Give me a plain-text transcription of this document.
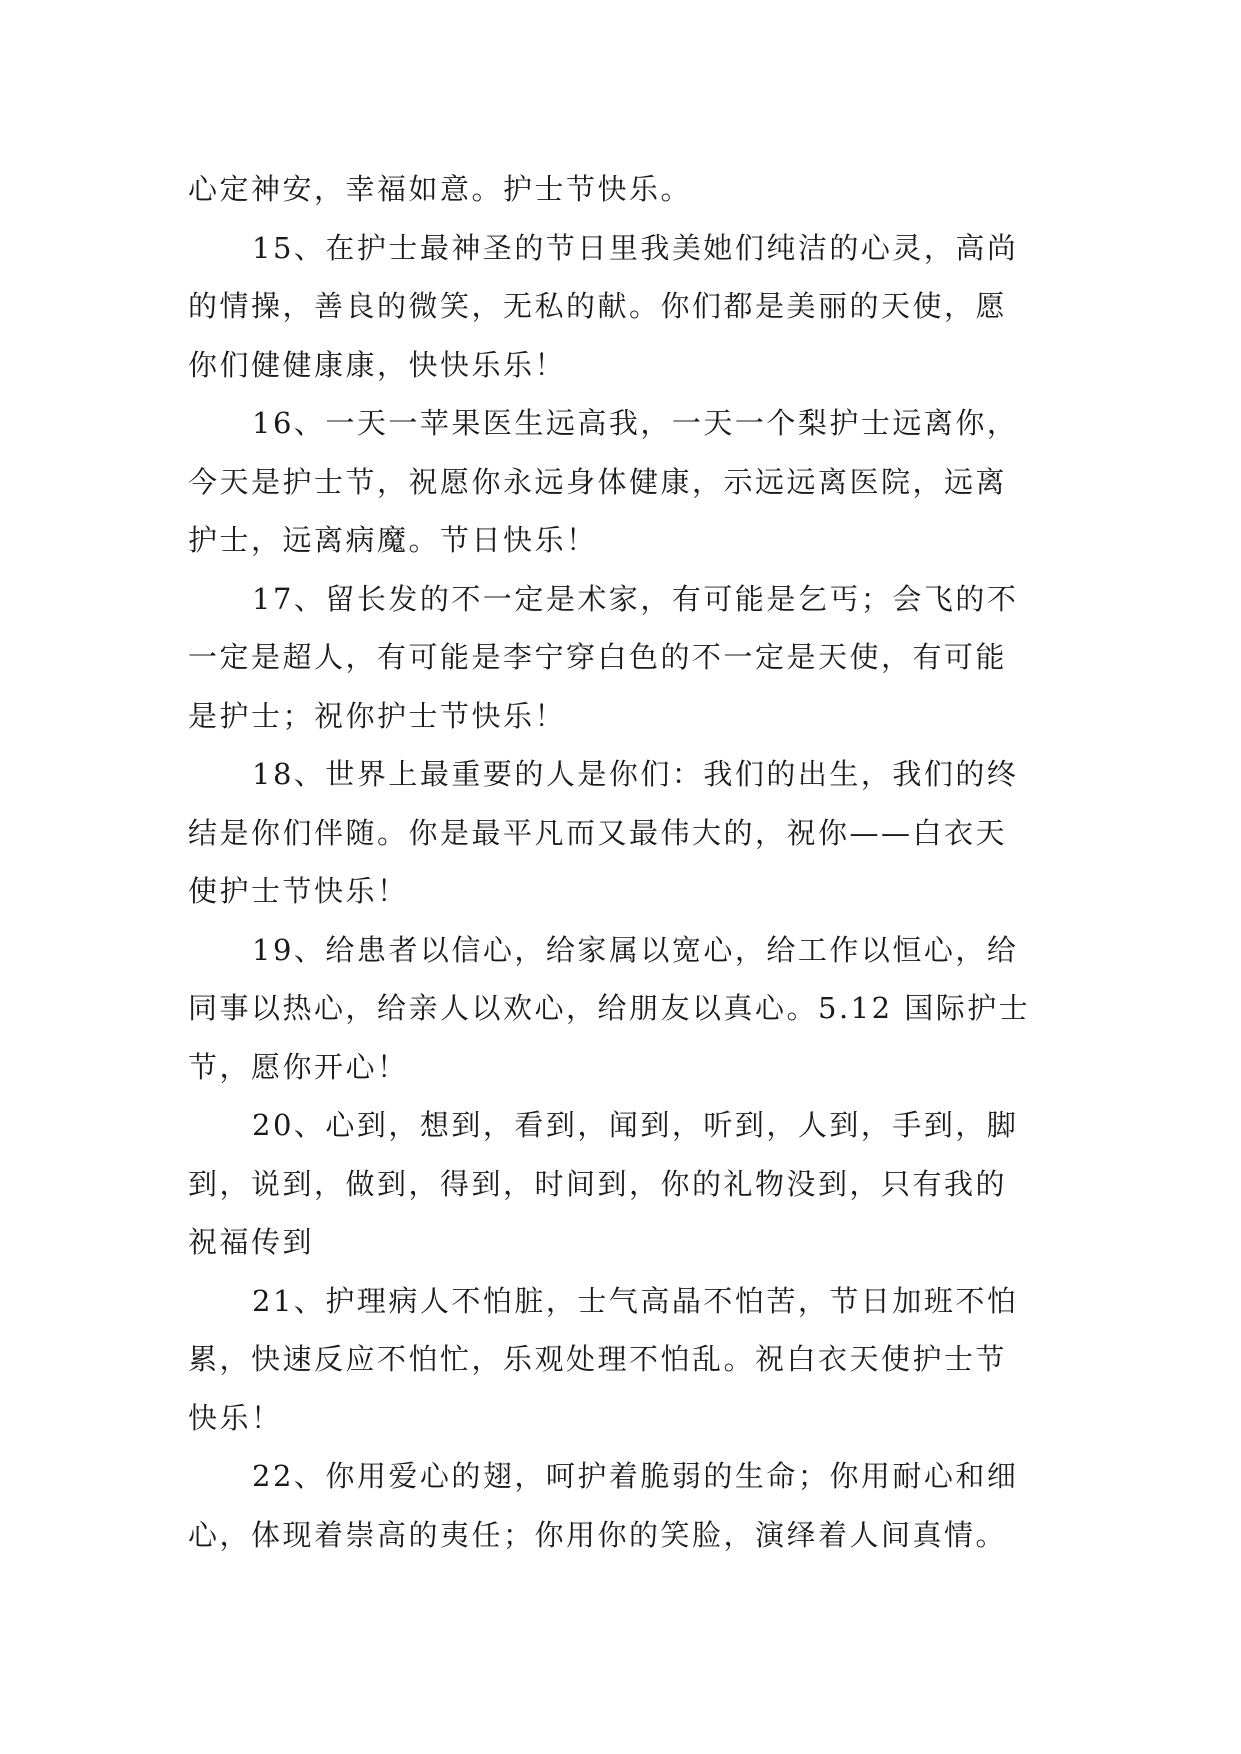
心定神安，幸福如意。护士节快乐。
15、在护士最神圣的节日里我美她们纯洁的心灵，高尚
的情操，善良的微笑，无私的献。你们都是美丽的天使，愿
你们健健康康，快快乐乐！
16、一天一苹果医生远高我，一天一个梨护士远离你，
今天是护士节，祝愿你永远身体健康，示远远离医院，远离
护士，远离病魔。节日快乐！
17、留长发的不一定是术家，有可能是乞丐；会飞的不
一定是超人，有可能是李宁穿白色的不一定是天使，有可能
是护士；祝你护士节快乐！
18、世界上最重要的人是你们：我们的出生，我们的终
结是你们伴随。你是最平凡而又最伟大的，祝你——白衣天
使护士节快乐！
19、给患者以信心，给家属以宽心，给工作以恒心，给
同事以热心，给亲人以欢心，给朋友以真心。5.12 国际护士
节，愿你开心！
20、心到，想到，看到，闻到，听到，人到，手到，脚
到，说到，做到，得到，时间到，你的礼物没到，只有我的
祝福传到
21、护理病人不怕脏，士气高晶不怕苦，节日加班不怕
累，快速反应不怕忙，乐观处理不怕乱。祝白衣天使护士节
快乐！
22、你用爱心的翅，呵护着脆弱的生命；你用耐心和细
心，体现着崇高的夷任；你用你的笑脸，演绎着人间真情。
